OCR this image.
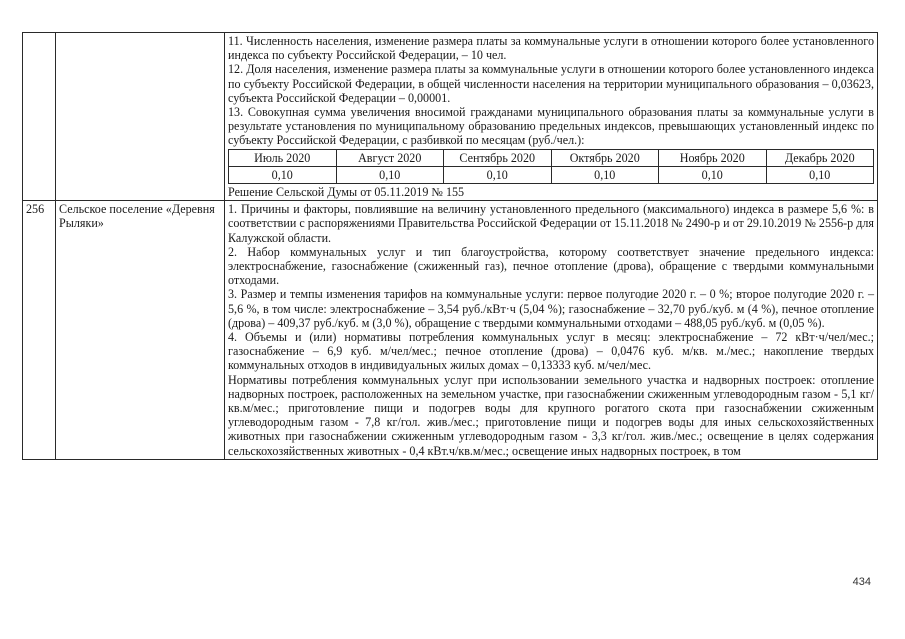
11. Численность населения, изменение размера платы за коммунальные услуги в отношении которого более установленного индекса по субъекту Российской Федерации, – 10 чел.

12. Доля населения, изменение размера платы за коммунальные услуги в отношении которого более установленного индекса по субъекту Российской Федерации, в общей численности населения на территории муниципального образования – 0,03623, субъекта Российской Федерации – 0,00001.

13. Совокупная сумма увеличения вносимой гражданами муниципального образования платы за коммунальные услуги в результате установления по муниципальному образованию предельных индексов, превышающих установленный индекс по субъекту Российской Федерации, с разбивкой по месяцам (руб./чел.):

Июль 2020	Август 2020	Сентябрь 2020	Октябрь 2020	Ноябрь 2020	Декабрь 2020
0,10	0,10	0,10	0,10	0,10	0,10

Решение Сельской Думы от 05.11.2019 № 155

256	Сельское поселение «Деревня Рыляки»	

1. Причины и факторы, повлиявшие на величину установленного предельного (максимального) индекса в размере 5,6 %: в соответствии с распоряжениями Правительства Российской Федерации от 15.11.2018 № 2490-р и от 29.10.2019 № 2556-р для Калужской области.

2. Набор коммунальных услуг и тип благоустройства, которому соответствует значение предельного индекса: электроснабжение, газоснабжение (сжиженный газ), печное отопление (дрова), обращение с твердыми коммунальными отходами.

3. Размер и темпы изменения тарифов на коммунальные услуги: первое полугодие 2020 г. – 0 %; второе полугодие 2020 г. – 5,6 %, в том числе: электроснабжение – 3,54 руб./кВт·ч (5,04 %); газоснабжение – 32,70 руб./куб. м (4 %), печное отопление (дрова) – 409,37 руб./куб. м (3,0 %), обращение с твердыми коммунальными отходами – 488,05 руб./куб. м (0,05 %).

4. Объемы и (или) нормативы потребления коммунальных услуг в месяц: электроснабжение – 72 кВт·ч/чел/мес.; газоснабжение – 6,9 куб. м/чел/мес.; печное отопление (дрова) – 0,0476 куб. м/кв. м./мес.; накопление твердых коммунальных отходов в индивидуальных жилых домах – 0,13333 куб. м/чел/мес.

Нормативы потребления коммунальных услуг при использовании земельного участка и надворных построек: отопление надворных построек, расположенных на земельном участке, при газоснабжении сжиженным углеводородным газом - 5,1 кг/кв.м/мес.; приготовление пищи и подогрев воды для крупного рогатого скота при газоснабжении сжиженным углеводородным газом - 7,8 кг/гол. жив./мес.; приготовление пищи и подогрев воды для иных сельскохозяйственных животных при газоснабжении сжиженным углеводородным газом - 3,3 кг/гол. жив./мес.; освещение в целях содержания сельскохозяйственных животных - 0,4 кВт.ч/кв.м/мес.; освещение иных надворных построек, в том

434
